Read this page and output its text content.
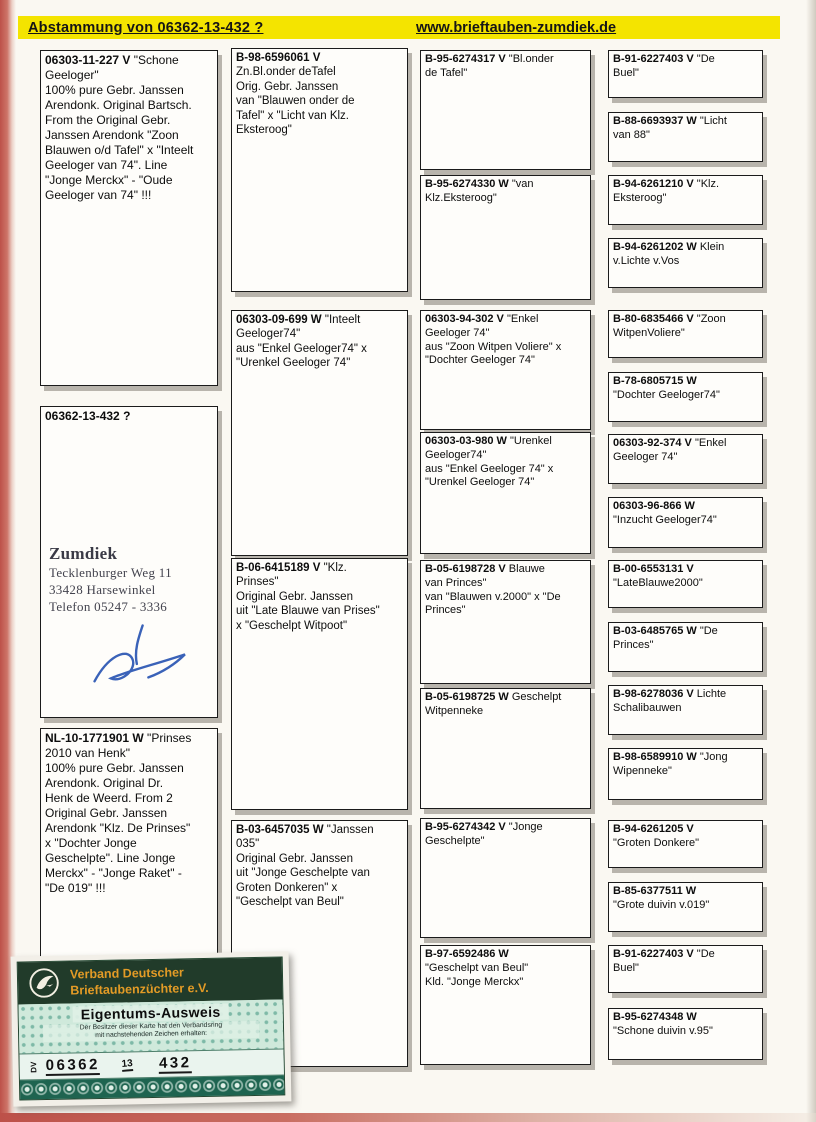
Abstammung von 06362-13-432 ?	www.brieftauben-zumdiek.de
06303-11-227 V "Schone
Geeloger"
100% pure Gebr. Janssen
Arendonk. Original Bartsch.
From the Original Gebr.
Janssen Arendonk "Zoon
Blauwen o/d Tafel" x "Inteelt
Geeloger van 74". Line
"Jonge Merckx" - "Oude
Geeloger van 74" !!!
06362-13-432 ?
Zumdiek
Tecklenburger Weg 11
33428 Harsewinkel
Telefon 05247 - 3336
NL-10-1771901 W "Prinses
2010 van Henk"
100% pure Gebr. Janssen
Arendonk. Original Dr.
Henk de Weerd. From 2
Original Gebr. Janssen
Arendonk "Klz. De Prinses"
x "Dochter Jonge
Geschelpte". Line Jonge
Merckx" - "Jonge Raket" -
"De 019" !!!
B-98-6596061 V
Zn.Bl.onder deTafel
Orig. Gebr. Janssen
van "Blauwen onder de
Tafel" x "Licht van Klz.
Eksteroog"
06303-09-699 W "Inteelt
Geeloger74"
aus "Enkel Geeloger74" x
"Urenkel Geeloger 74"
B-06-6415189 V "Klz.
Prinses"
Original Gebr. Janssen
uit "Late Blauwe van Prises"
x "Geschelpt Witpoot"
B-03-6457035 W "Janssen
035"
Original Gebr. Janssen
uit "Jonge Geschelpte van
Groten Donkeren" x
"Geschelpt van Beul"
B-95-6274317 V "Bl.onder
de Tafel"
B-95-6274330 W "van
Klz.Eksteroog"
06303-94-302 V "Enkel
Geeloger 74"
aus "Zoon Witpen Voliere" x
"Dochter Geeloger 74"
06303-03-980 W "Urenkel
Geeloger74"
aus "Enkel Geeloger 74" x
"Urenkel Geeloger 74"
B-05-6198728 V Blauwe
van Princes"
van "Blauwen v.2000" x "De
Princes"
B-05-6198725 W Geschelpt
Witpenneke
B-95-6274342 V "Jonge
Geschelpte"
B-97-6592486 W
"Geschelpt van Beul"
Kld. "Jonge Merckx"
B-91-6227403 V "De
Buel"
B-88-6693937 W "Licht
van 88"
B-94-6261210 V "Klz.
Eksteroog"
B-94-6261202 W Klein
v.Lichte v.Vos
B-80-6835466 V "Zoon
WitpenVoliere"
B-78-6805715 W
"Dochter Geeloger74"
06303-92-374 V "Enkel
Geeloger 74"
06303-96-866 W
"Inzucht Geeloger74"
B-00-6553131 V
"LateBlauwe2000"
B-03-6485765 W "De
Princes"
B-98-6278036 V Lichte
Schalibauwen
B-98-6589910 W "Jong
Wipenneke"
B-94-6261205 V
"Groten Donkere"
B-85-6377511 W
"Grote duivin v.019"
B-91-6227403 V "De
Buel"
B-95-6274348 W
"Schone duivin v.95"
Verband Deutscher
Brieftaubenzüchter e.V.
Eigentums-Ausweis
Der Besitzer dieser Karte hat den Verbandsring
mit nachstehenden Zeichen erhalten:
DV 06362 13 432
